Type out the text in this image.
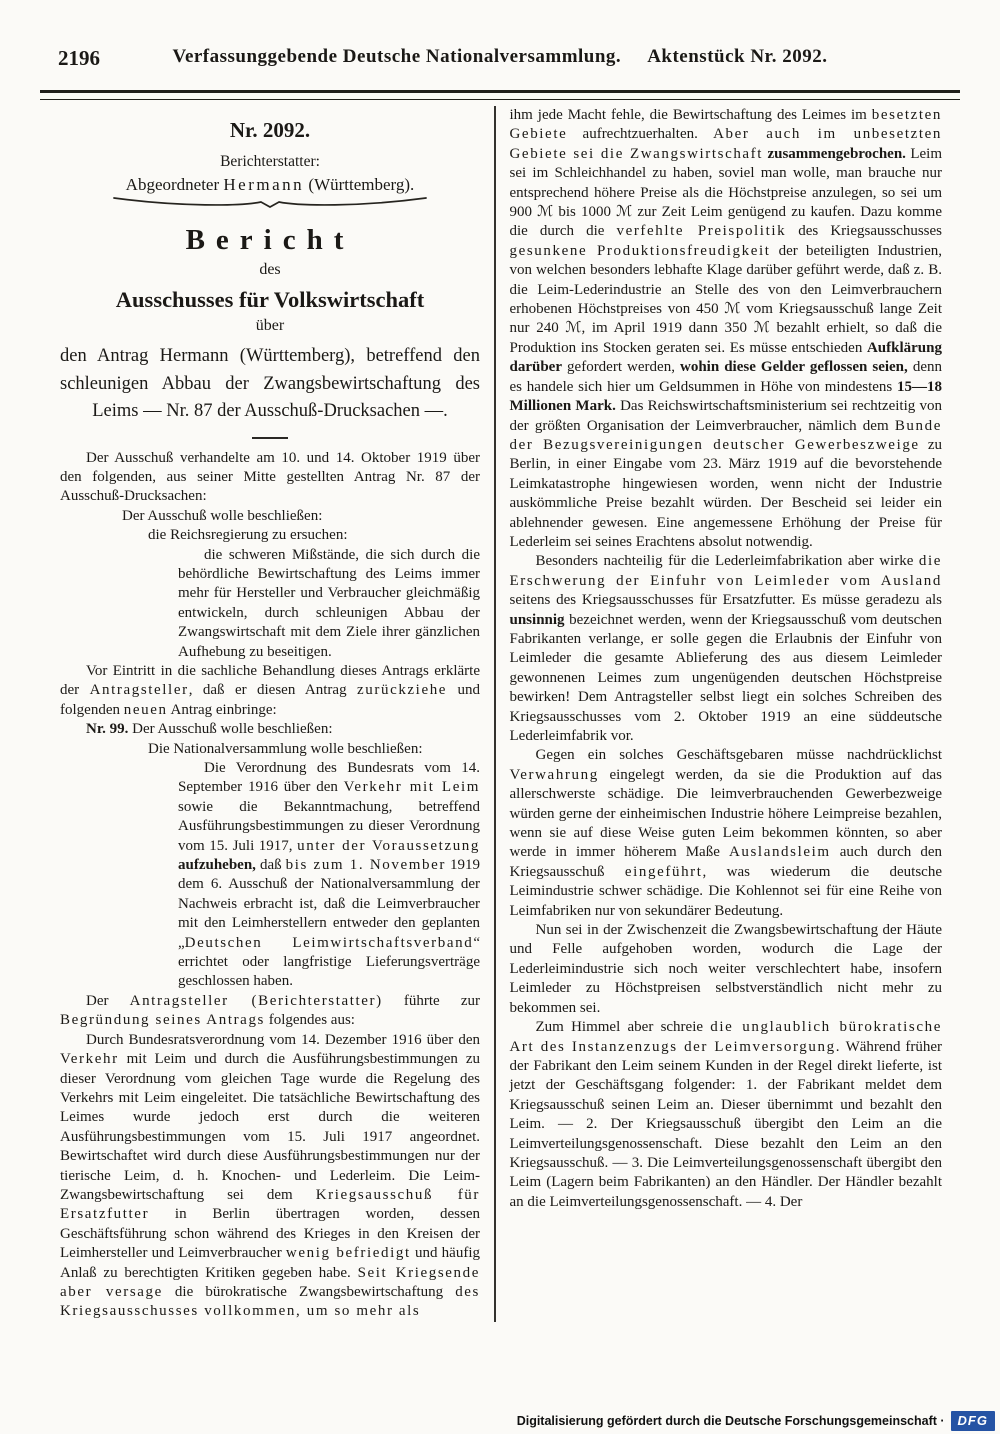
2196	Verfassunggebende Deutsche Nationalversammlung. Aktenstück Nr. 2092.

Nr. 2092.

Berichterstatter:

Abgeordneter Hermann (Württemberg).

Bericht

des

Ausschusses für Volkswirtschaft

über

den Antrag Hermann (Württemberg), betreffend den schleunigen Abbau der Zwangsbewirtschaftung des Leims — Nr. 87 der Ausschuß-Drucksachen —.

Der Ausschuß verhandelte am 10. und 14. Oktober 1919 über den folgenden, aus seiner Mitte gestellten Antrag Nr. 87 der Ausschuß-Drucksachen:

Der Ausschuß wolle beschließen:

die Reichsregierung zu ersuchen:

die schweren Mißstände, die sich durch die behördliche Bewirtschaftung des Leims immer mehr für Hersteller und Verbraucher gleichmäßig entwickeln, durch schleunigen Abbau der Zwangswirtschaft mit dem Ziele ihrer gänzlichen Aufhebung zu beseitigen.

Vor Eintritt in die sachliche Behandlung dieses Antrags erklärte der Antragsteller, daß er diesen Antrag zurückziehe und folgenden neuen Antrag einbringe:

Nr. 99. Der Ausschuß wolle beschließen:

Die Nationalversammlung wolle beschließen:

Die Verordnung des Bundesrats vom 14. September 1916 über den Verkehr mit Leim sowie die Bekanntmachung, betreffend Ausführungsbestimmungen zu dieser Verordnung vom 15. Juli 1917, unter der Voraussetzung aufzuheben, daß bis zum 1. November 1919 dem 6. Ausschuß der Nationalversammlung der Nachweis erbracht ist, daß die Leimverbraucher mit den Leimherstellern entweder den geplanten „Deutschen Leimwirtschaftsverband“ errichtet oder langfristige Lieferungsverträge geschlossen haben.

Der Antragsteller (Berichterstatter) führte zur Begründung seines Antrags folgendes aus:

Durch Bundesratsverordnung vom 14. Dezember 1916 über den Verkehr mit Leim und durch die Ausführungsbestimmungen zu dieser Verordnung vom gleichen Tage wurde die Regelung des Verkehrs mit Leim eingeleitet. Die tatsächliche Bewirtschaftung des Leimes wurde jedoch erst durch die weiteren Ausführungsbestimmungen vom 15. Juli 1917 angeordnet. Bewirtschaftet wird durch diese Ausführungsbestimmungen nur der tierische Leim, d. h. Knochen- und Lederleim. Die Leim-Zwangsbewirtschaftung sei dem Kriegsausschuß für Ersatzfutter in Berlin übertragen worden, dessen Geschäftsführung schon während des Krieges in den Kreisen der Leimhersteller und Leimverbraucher wenig befriedigt und häufig Anlaß zu berechtigten Kritiken gegeben habe. Seit Kriegsende aber versage die bürokratische Zwangsbewirtschaftung des Kriegsausschusses vollkommen, um so mehr als

ihm jede Macht fehle, die Bewirtschaftung des Leimes im besetzten Gebiete aufrechtzuerhalten. Aber auch im unbesetzten Gebiete sei die Zwangswirtschaft zusammengebrochen. Leim sei im Schleichhandel zu haben, soviel man wolle, man brauche nur entsprechend höhere Preise als die Höchstpreise anzulegen, so sei um 900 ℳ bis 1000 ℳ zur Zeit Leim genügend zu kaufen. Dazu komme die durch die verfehlte Preispolitik des Kriegsausschusses gesunkene Produktionsfreudigkeit der beteiligten Industrien, von welchen besonders lebhafte Klage darüber geführt werde, daß z. B. die Leim-Lederindustrie an Stelle des von den Leimverbrauchern erhobenen Höchstpreises von 450 ℳ vom Kriegsausschuß lange Zeit nur 240 ℳ, im April 1919 dann 350 ℳ bezahlt erhielt, so daß die Produktion ins Stocken geraten sei. Es müsse entschieden Aufklärung darüber gefordert werden, wohin diese Gelder geflossen seien, denn es handele sich hier um Geldsummen in Höhe von mindestens 15—18 Millionen Mark. Das Reichswirtschaftsministerium sei rechtzeitig von der größten Organisation der Leimverbraucher, nämlich dem Bunde der Bezugsvereinigungen deutscher Gewerbeszweige zu Berlin, in einer Eingabe vom 23. März 1919 auf die bevorstehende Leimkatastrophe hingewiesen worden, wenn nicht der Industrie auskömmliche Preise bezahlt würden. Der Bescheid sei leider ein ablehnender gewesen. Eine angemessene Erhöhung der Preise für Lederleim sei seines Erachtens absolut notwendig.

Besonders nachteilig für die Lederleimfabrikation aber wirke die Erschwerung der Einfuhr von Leimleder vom Ausland seitens des Kriegsausschusses für Ersatzfutter. Es müsse geradezu als unsinnig bezeichnet werden, wenn der Kriegsausschuß vom deutschen Fabrikanten verlange, er solle gegen die Erlaubnis der Einfuhr von Leimleder die gesamte Ablieferung des aus diesem Leimleder gewonnenen Leimes zum ungenügenden deutschen Höchstpreise bewirken! Dem Antragsteller selbst liegt ein solches Schreiben des Kriegsausschusses vom 2. Oktober 1919 an eine süddeutsche Lederleimfabrik vor.

Gegen ein solches Geschäftsgebaren müsse nachdrücklichst Verwahrung eingelegt werden, da sie die Produktion auf das allerschwerste schädige. Die leimverbrauchenden Gewerbezweige würden gerne der einheimischen Industrie höhere Leimpreise bezahlen, wenn sie auf diese Weise guten Leim bekommen könnten, so aber werde in immer höherem Maße Auslandsleim auch durch den Kriegsausschuß eingeführt, was wiederum die deutsche Leimindustrie schwer schädige. Die Kohlennot sei für eine Reihe von Leimfabriken nur von sekundärer Bedeutung.

Nun sei in der Zwischenzeit die Zwangsbewirtschaftung der Häute und Felle aufgehoben worden, wodurch die Lage der Lederleimindustrie sich noch weiter verschlechtert habe, insofern Leimleder zu Höchstpreisen selbstverständlich nicht mehr zu bekommen sei.

Zum Himmel aber schreie die unglaublich bürokratische Art des Instanzenzugs der Leimversorgung. Während früher der Fabrikant den Leim seinem Kunden in der Regel direkt lieferte, ist jetzt der Geschäftsgang folgender: 1. der Fabrikant meldet dem Kriegsausschuß seinen Leim an. Dieser übernimmt und bezahlt den Leim. — 2. Der Kriegsausschuß übergibt den Leim an die Leimverteilungsgenossenschaft. Diese bezahlt den Leim an den Kriegsausschuß. — 3. Die Leimverteilungsgenossenschaft übergibt den Leim (Lagern beim Fabrikanten) an den Händler. Der Händler bezahlt an die Leimverteilungsgenossenschaft. — 4. Der

Digitalisierung gefördert durch die Deutsche Forschungsgemeinschaft ·	DFG
